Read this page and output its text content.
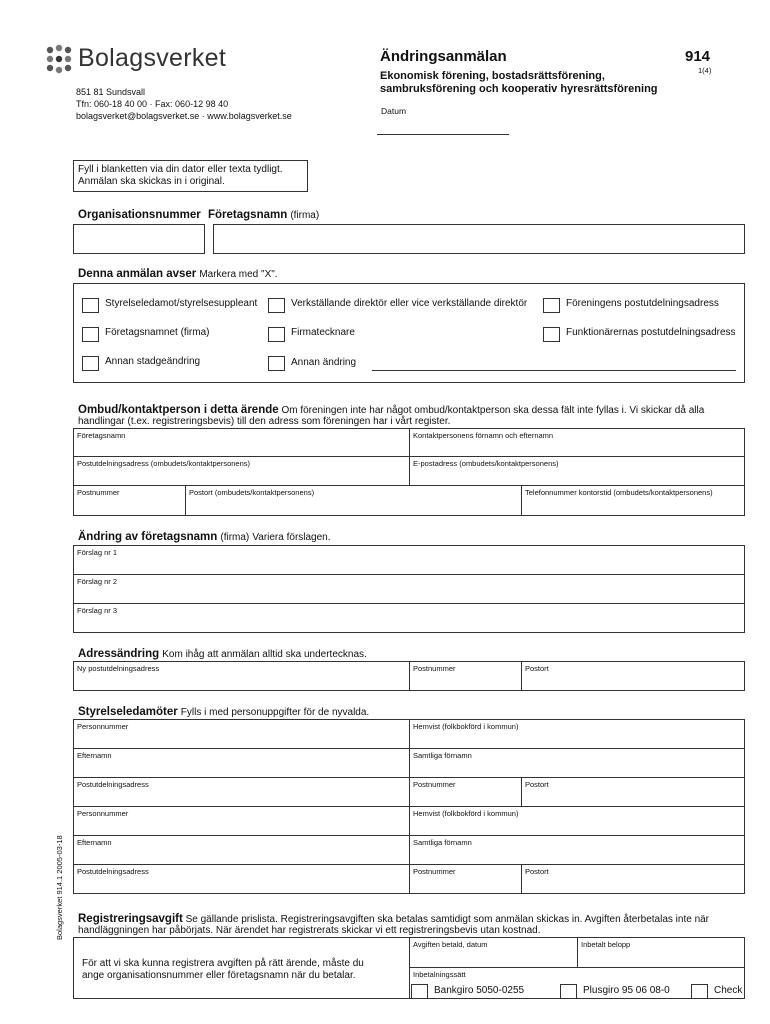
Bolagsverket
851 81 Sundsvall
Tfn: 060-18 40 00 · Fax: 060-12 98 40
bolagsverket@bolagsverket.se · www.bolagsverket.se
Ändringsanmälan	914
1(4)
Ekonomisk förening, bostadsrättsförening,
sambruksförening och kooperativ hyresrättsförening
Datum
Fyll i blanketten via din dator eller texta tydligt.
Anmälan ska skickas in i original.
Organisationsnummer Företagsnamn (firma)
Denna anmälan avser Markera med "X".
Styrelseledamot/styrelsesuppleant	Verkställande direktör eller vice verkställande direktör	Föreningens postutdelningsadress
Företagsnamnet (firma)	Firmatecknare	Funktionärernas postutdelningsadress
Annan stadgeändring	Annan ändring
Ombud/kontaktperson i detta ärende Om föreningen inte har något ombud/kontaktperson ska dessa fält inte fyllas i. Vi skickar då alla
handlingar (t.ex. registreringsbevis) till den adress som föreningen har i vårt register.
Företagsnamn	Kontaktpersonens förnamn och efternamn
Postutdelningsadress (ombudets/kontaktpersonens)	E-postadress (ombudets/kontaktpersonens)
Postnummer	Postort (ombudets/kontaktpersonens)	Telefonnummer kontorstid (ombudets/kontaktpersonens)
Ändring av företagsnamn (firma) Variera förslagen.
Förslag nr 1
Förslag nr 2
Förslag nr 3
Adressändring Kom ihåg att anmälan alltid ska undertecknas.
Ny postutdelningsadress	Postnummer	Postort
Styrelseledamöter Fylls i med personuppgifter för de nyvalda.
Personnummer	Hemvist (folkbokförd i kommun)
Efternamn	Samtliga förnamn
Postutdelningsadress	Postnummer	Postort
Personnummer	Hemvist (folkbokförd i kommun)
Efternamn	Samtliga förnamn
Postutdelningsadress	Postnummer	Postort
Registreringsavgift Se gällande prislista. Registreringsavgiften ska betalas samtidigt som anmälan skickas in. Avgiften återbetalas inte när
handläggningen har påbörjats. När ärendet har registrerats skickar vi ett registreringsbevis utan kostnad.
För att vi ska kunna registrera avgiften på rätt ärende, måste du
ange organisationsnummer eller företagsnamn när du betalar.
Avgiften betald, datum	Inbetalt belopp
Inbetalningssätt
Bankgiro 5050-0255	Plusgiro 95 06 08-0	Check
Bolagsverket 914.1 2005-03-18
